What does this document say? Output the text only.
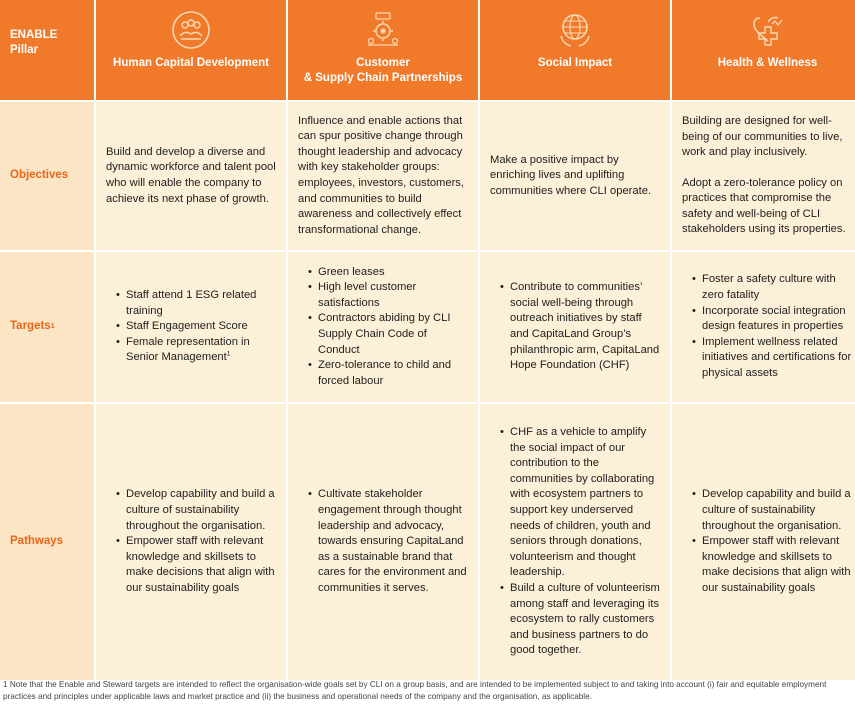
ENABLE
Pillar
Human Capital Development	Customer
& Supply Chain Partnerships
Social Impact	Health & Wellness
Objectives

Build and develop a diverse and dynamic workforce and talent pool who will enable the company to achieve its next phase of growth.

Influence and enable actions that can spur positive change through thought leadership and advocacy with key stakeholder groups: employees, investors, customers, and communities to build awareness and collectively effect transformational change.

Make a positive impact by enriching lives and uplifting communities where CLI operate.

Building are designed for well-being of our communities to live, work and play inclusively.

Adopt a zero-tolerance policy on practices that compromise the safety and well-being of CLI stakeholders using its properties.

Targets 1
• Staff attend 1 ESG related training
• Staff Engagement Score
• Female representation in Senior Management$^1$
• Green leases
• High level customer satisfactions
• Contractors abiding by CLI Supply Chain Code of Conduct
• Zero-tolerance to child and forced labour
• Contribute to communities’ social well-being through outreach initiatives by staff and CapitaLand Group’s philanthropic arm, CapitaLand Hope Foundation (CHF)
• Foster a safety culture with zero fatality
• Incorporate social integration design features in properties
• Implement wellness related initiatives and certifications for physical assets
Pathways
• Develop capability and build a culture of sustainability throughout the organisation.
• Empower staff with relevant knowledge and skillsets to make decisions that align with our sustainability goals
• Cultivate stakeholder engagement through thought leadership and advocacy, towards ensuring CapitaLand as a sustainable brand that cares for the environment and communities it serves.
• CHF as a vehicle to amplify the social impact of our contribution to the communities by collaborating with ecosystem partners to support key underserved needs of children, youth and seniors through donations, volunteerism and thought leadership.
• Build a culture of volunteerism among staff and leveraging its ecosystem to rally customers and business partners to do good together.
• Develop capability and build a culture of sustainability throughout the organisation.
• Empower staff with relevant knowledge and skillsets to make decisions that align with our sustainability goals
1 Note that the Enable and Steward targets are intended to reflect the organisation-wide goals set by CLI on a group basis, and are intended to be implemented subject to and taking into account (i) fair and equitable employment practices and principles under applicable laws and market practice and (ii) the business and operational needs of the company and the organisation, as applicable.
